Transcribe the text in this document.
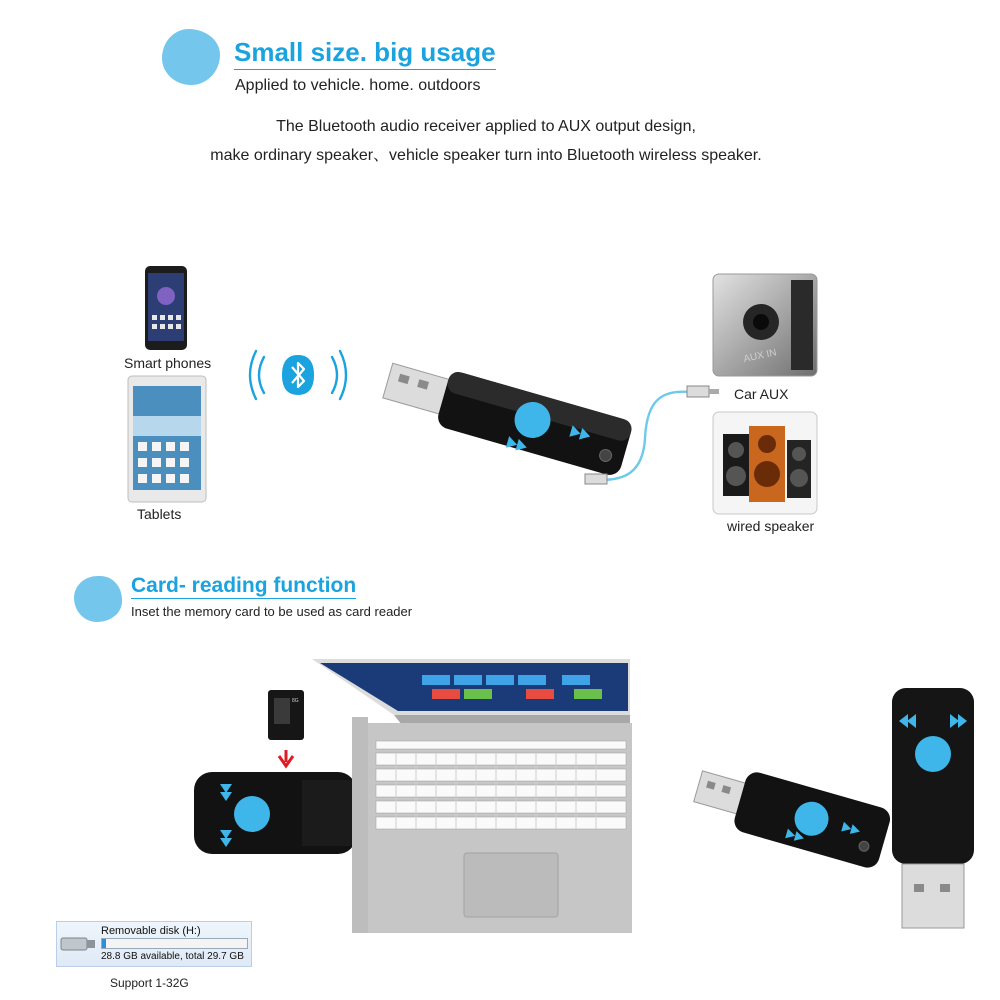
Small size. big usage
Applied to vehicle. home. outdoors
The Bluetooth audio receiver applied to AUX output design,
make ordinary speaker、vehicle speaker turn into Bluetooth wireless speaker.
Smart phones
Tablets
AUX IN
Car AUX
wired speaker
Card- reading function
Inset the memory card to be used as card reader
8G
Removable disk (H:)
28.8 GB available, total 29.7 GB
Support 1-32G
